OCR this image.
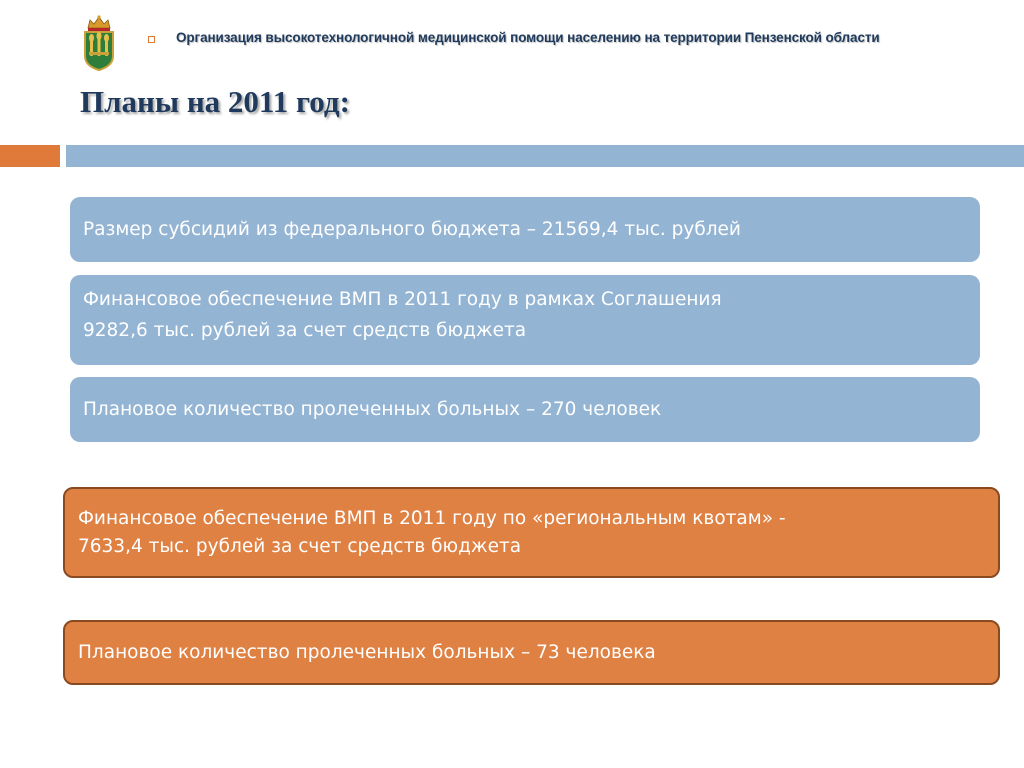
Организация высокотехнологичной медицинской помощи населению на территории Пензенской области
Планы на 2011 год:
Размер субсидий из федерального бюджета – 21569,4 тыс. рублей
Финансовое обеспечение ВМП в 2011 году в рамках Соглашения
9282,6 тыс. рублей за счет средств бюджета
Плановое количество пролеченных больных – 270 человек
Финансовое обеспечение ВМП в 2011 году по «региональным квотам» -
7633,4 тыс. рублей за счет средств бюджета
Плановое количество пролеченных больных – 73 человека
